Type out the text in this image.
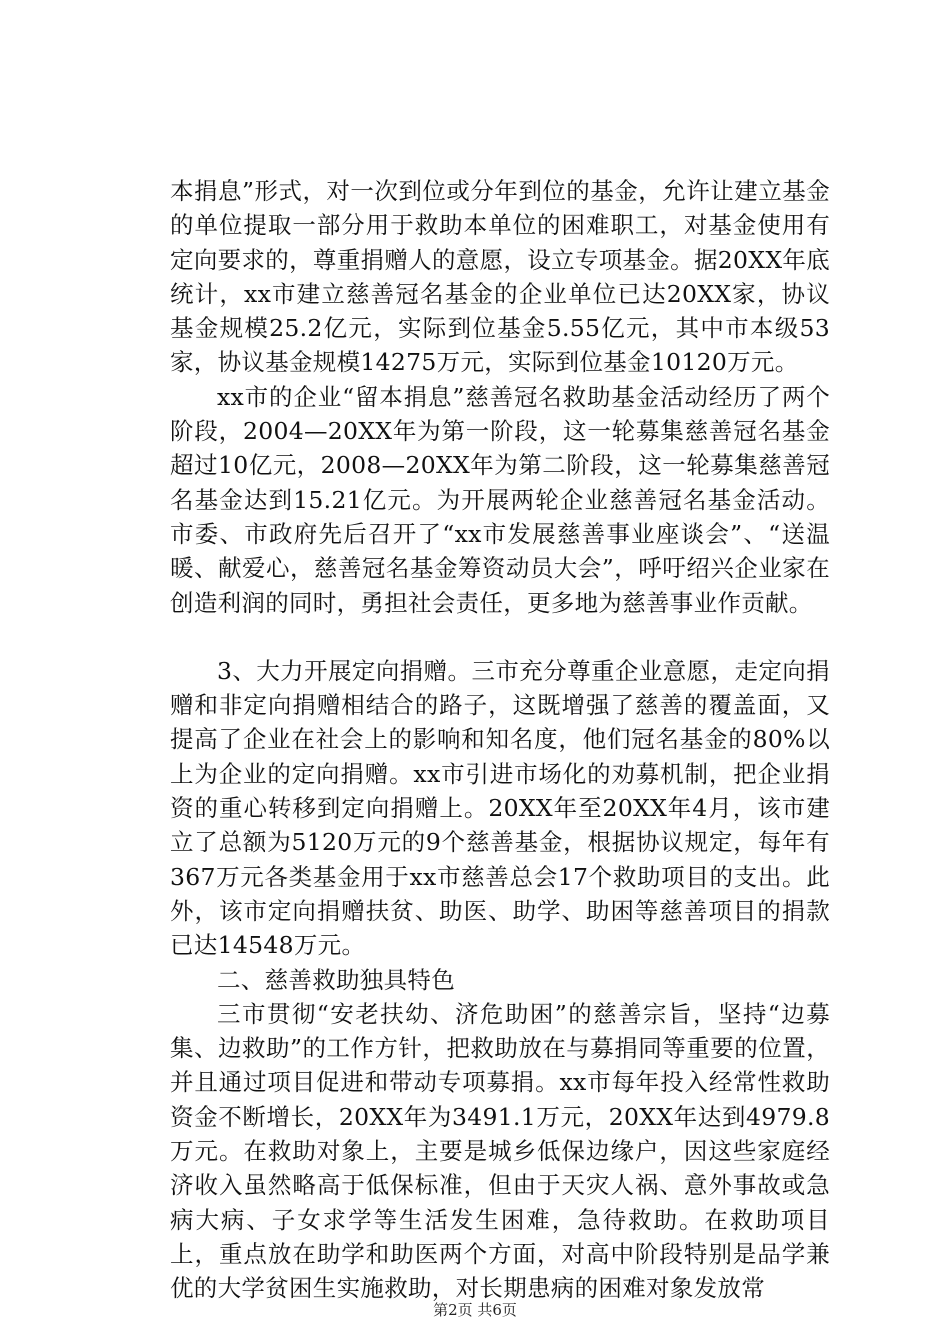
本捐息”形式，对一次到位或分年到位的基金，允许让建立基金的单位提取一部分用于救助本单位的困难职工，对基金使用有定向要求的，尊重捐赠人的意愿，设立专项基金。据20XX年底统计，xx市建立慈善冠名基金的企业单位已达20XX家，协议基金规模25.2亿元，实际到位基金5.55亿元，其中市本级53家，协议基金规模14275万元，实际到位基金10120万元。

xx市的企业“留本捐息”慈善冠名救助基金活动经历了两个阶段，2004—20XX年为第一阶段，这一轮募集慈善冠名基金超过10亿元，2008—20XX年为第二阶段，这一轮募集慈善冠名基金达到15.21亿元。为开展两轮企业慈善冠名基金活动。市委、市政府先后召开了“xx市发展慈善事业座谈会”、“送温暖、献爱心，慈善冠名基金筹资动员大会”，呼吁绍兴企业家在创造利润的同时，勇担社会责任，更多地为慈善事业作贡献。

3、大力开展定向捐赠。三市充分尊重企业意愿，走定向捐赠和非定向捐赠相结合的路子，这既增强了慈善的覆盖面，又提高了企业在社会上的影响和知名度，他们冠名基金的80%以上为企业的定向捐赠。xx市引进市场化的劝募机制，把企业捐资的重心转移到定向捐赠上。20XX年至20XX年4月，该市建立了总额为5120万元的9个慈善基金，根据协议规定，每年有367万元各类基金用于xx市慈善总会17个救助项目的支出。此外，该市定向捐赠扶贫、助医、助学、助困等慈善项目的捐款已达14548万元。

二、慈善救助独具特色

三市贯彻“安老扶幼、济危助困”的慈善宗旨，坚持“边募集、边救助”的工作方针，把救助放在与募捐同等重要的位置，并且通过项目促进和带动专项募捐。xx市每年投入经常性救助资金不断增长，20XX年为3491.1万元，20XX年达到4979.8万元。在救助对象上，主要是城乡低保边缘户，因这些家庭经济收入虽然略高于低保标准，但由于天灾人祸、意外事故或急病大病、子女求学等生活发生困难，急待救助。在救助项目上，重点放在助学和助医两个方面，对高中阶段特别是品学兼优的大学贫困生实施救助，对长期患病的困难对象发放常

第2页 共6页
